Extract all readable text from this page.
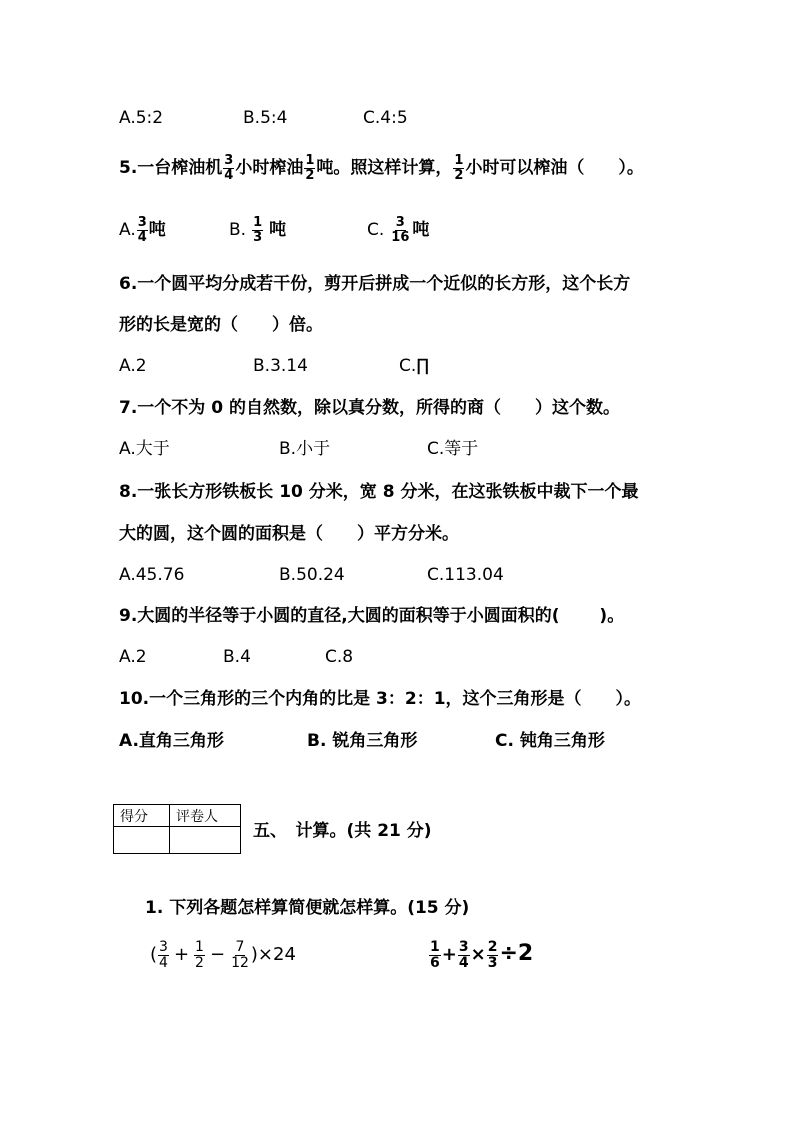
A.5:2	B.5:4	C.4:5
5.一台榨油机 $\frac{3}{4}$ 小时榨油 $\frac{1}{2}$ 吨。照这样计算， $\frac{1}{2}$ 小时可以榨油（　　）。
A. $\frac{3}{4}$ 吨	B. $\frac{1}{3}$ 吨	C. $\frac{3}{16}$ 吨
6.一个圆平均分成若干份，剪开后拼成一个近似的长方形，这个长方
形的长是宽的（　　）倍。
A.2	B.3.14	C.∏
7.一个不为 0 的自然数，除以真分数，所得的商（　　）这个数。
A.大于	B.小于	C.等于
8.一张长方形铁板长 10 分米，宽 8 分米，在这张铁板中裁下一个最
大的圆，这个圆的面积是（　　）平方分米。
A.45.76	B.50.24	C.113.04
9.大圆的半径等于小圆的直径,大圆的面积等于小圆面积的(　　 )。
A.2	B.4	C.8
10.一个三角形的三个内角的比是 3：2：1，这个三角形是（　　）。
A.直角三角形	B. 锐角三角形	C. 钝角三角形
得分	评卷人

五、　计算。(共 21 分)
1. 下列各题怎样算简便就怎样算。(15 分)
( $\frac{3}{4} + \frac{1}{2} - \frac{7}{12} )\times 24$	$\frac{1}{6} + \frac{3}{4} \times \frac{2}{3} \div 2$
